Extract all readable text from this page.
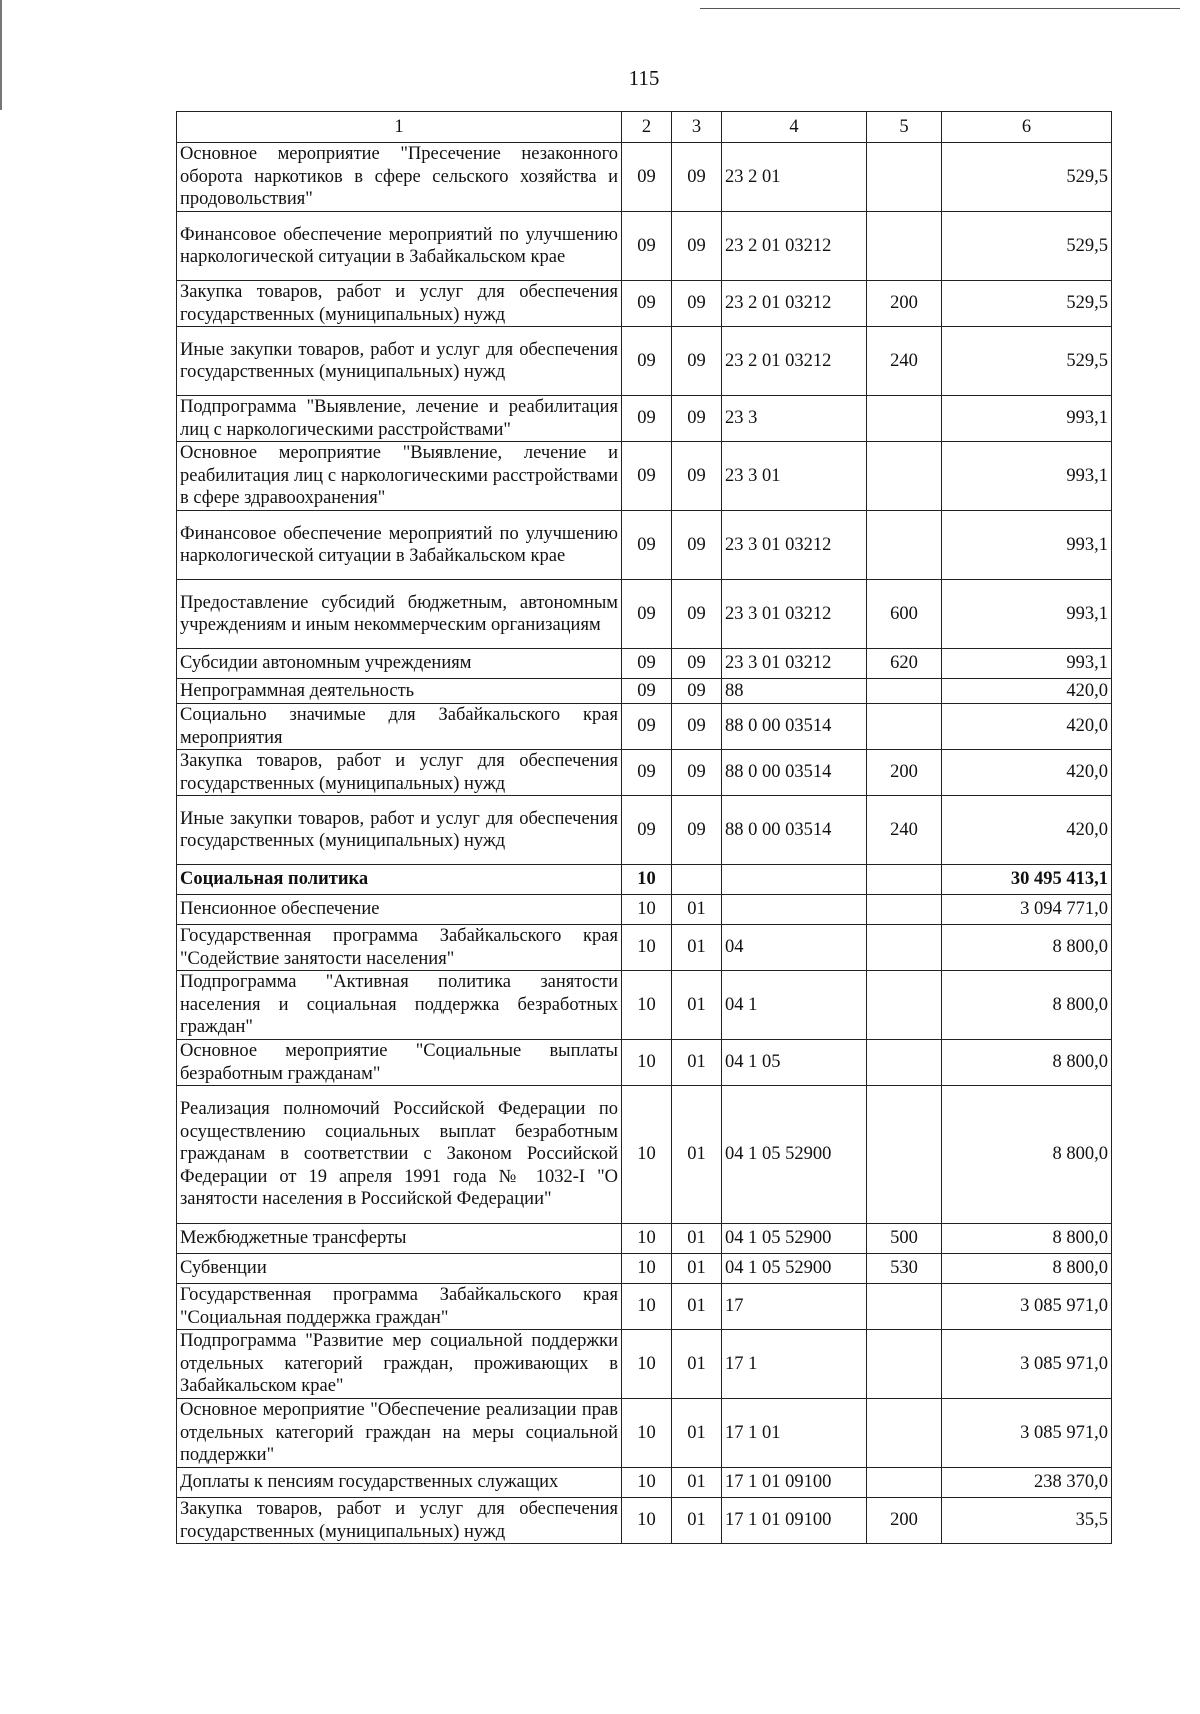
115
1	2	3	4	5	6
Основное мероприятие "Пресечение незаконного оборота наркотиков в сфере сельского хозяйства и продовольствия"	09	09	23 2 01		529,5
Финансовое обеспечение мероприятий по улучшению наркологической ситуации в Забайкальском крае	09	09	23 2 01 03212		529,5
Закупка товаров, работ и услуг для обеспечения государственных (муниципальных) нужд	09	09	23 2 01 03212	200	529,5
Иные закупки товаров, работ и услуг для обеспечения государственных (муниципальных) нужд	09	09	23 2 01 03212	240	529,5
Подпрограмма "Выявление, лечение и реабилитация лиц с наркологическими расстройствами"	09	09	23 3		993,1
Основное мероприятие "Выявление, лечение и реабилитация лиц с наркологическими расстройствами в сфере здравоохранения"	09	09	23 3 01		993,1
Финансовое обеспечение мероприятий по улучшению наркологической ситуации в Забайкальском крае	09	09	23 3 01 03212		993,1
Предоставление субсидий бюджетным, автономным учреждениям и иным некоммерческим организациям	09	09	23 3 01 03212	600	993,1
Субсидии автономным учреждениям	09	09	23 3 01 03212	620	993,1
Непрограммная деятельность	09	09	88		420,0
Социально значимые для Забайкальского края мероприятия	09	09	88 0 00 03514		420,0
Закупка товаров, работ и услуг для обеспечения государственных (муниципальных) нужд	09	09	88 0 00 03514	200	420,0
Иные закупки товаров, работ и услуг для обеспечения государственных (муниципальных) нужд	09	09	88 0 00 03514	240	420,0
Социальная политика	10				30 495 413,1
Пенсионное обеспечение	10	01			3 094 771,0
Государственная программа Забайкальского края "Содействие занятости населения"	10	01	04		8 800,0
Подпрограмма "Активная политика занятости населения и социальная поддержка безработных граждан"	10	01	04 1		8 800,0
Основное мероприятие "Социальные выплаты безработным гражданам"	10	01	04 1 05		8 800,0
Реализация полномочий Российской Федерации по осуществлению социальных выплат безработным гражданам в соответствии с Законом Российской Федерации от 19 апреля 1991 года № 1032-I "О занятости населения в Российской Федерации"	10	01	04 1 05 52900		8 800,0
Межбюджетные трансферты	10	01	04 1 05 52900	500	8 800,0
Субвенции	10	01	04 1 05 52900	530	8 800,0
Государственная программа Забайкальского края "Социальная поддержка граждан"	10	01	17		3 085 971,0
Подпрограмма "Развитие мер социальной поддержки отдельных категорий граждан, проживающих в Забайкальском крае"	10	01	17 1		3 085 971,0
Основное мероприятие "Обеспечение реализации прав отдельных категорий граждан на меры социальной поддержки"	10	01	17 1 01		3 085 971,0
Доплаты к пенсиям государственных служащих	10	01	17 1 01 09100		238 370,0
Закупка товаров, работ и услуг для обеспечения государственных (муниципальных) нужд	10	01	17 1 01 09100	200	35,5
